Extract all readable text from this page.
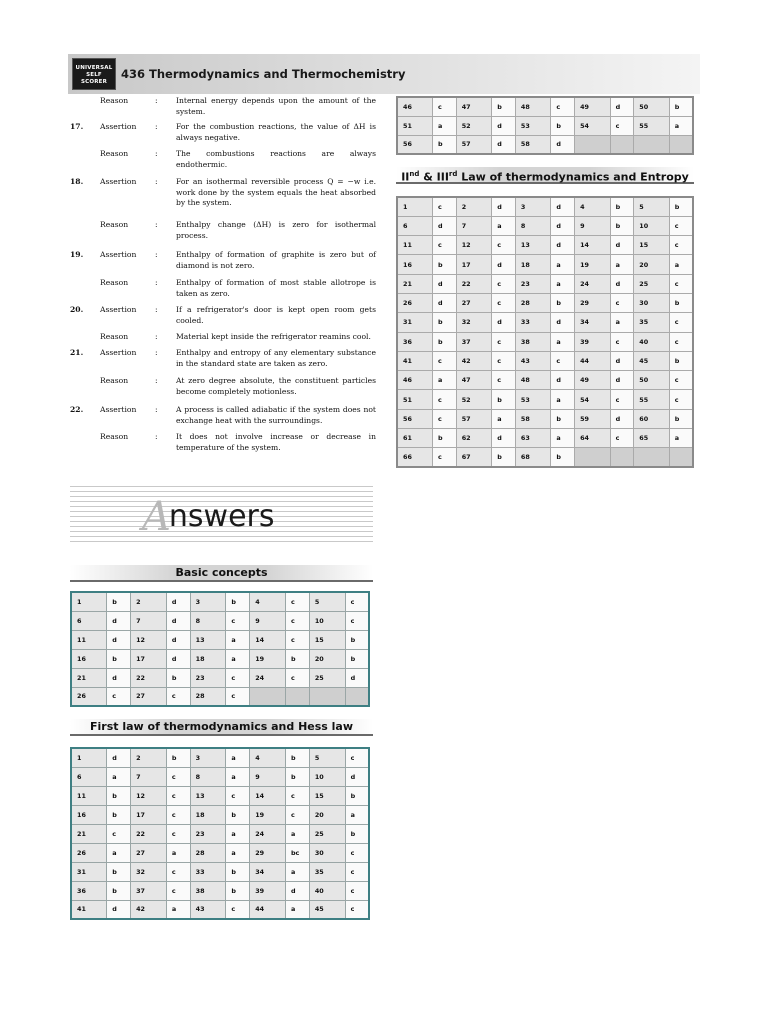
UNIVERSAL
SELF SCORER
436 Thermodynamics and Thermochemistry
Reason	: Internal energy depends upon the amount of the system.
17.	Assertion : For the combustion reactions, the value of ΔH is always negative.
Reason	: The combustions reactions are always endothermic.
18.	Assertion : For an isothermal reversible process Q = −w i.e. work done by the system equals the heat absorbed by the system.
Reason	: Enthalpy change (ΔH) is zero for isothermal process.
19.	Assertion : Enthalpy of formation of graphite is zero but of diamond is not zero.
Reason	: Enthalpy of formation of most stable allotrope is taken as zero.
20.	Assertion : If a refrigerator's door is kept open room gets cooled.
Reason	: Material kept inside the refrigerator reamins cool.
21.	Assertion : Enthalpy and entropy of any elementary substance in the standard state are taken as zero.
Reason	: At zero degree absolute, the constituent particles become completely motionless.
22.	Assertion : A process is called adiabatic if the system does not exchange heat with the surroundings.
Reason	: It does not involve increase or decrease in temperature of the system.
Answers
Basic concepts
First law of thermodynamics and Hess law
IInd & IIIrd Law of thermodynamics and Entropy
1	b	2	d	3	b	4	c	5	c
6	d	7	d	8	c	9	c	10	c
11	d	12	d	13	a	14	c	15	b
16	b	17	d	18	a	19	b	20	b
21	d	22	b	23	c	24	c	25	d
26	c	27	c	28	c				
1	d	2	b	3	a	4	b	5	c
6	a	7	c	8	a	9	b	10	d
11	b	12	c	13	c	14	c	15	b
16	b	17	c	18	b	19	c	20	a
21	c	22	c	23	a	24	a	25	b
26	a	27	a	28	a	29	bc	30	c
31	b	32	c	33	b	34	a	35	c
36	b	37	c	38	b	39	d	40	c
41	d	42	a	43	c	44	a	45	c
46	c	47	b	48	c	49	d	50	b
51	a	52	d	53	b	54	c	55	a
56	b	57	d	58	d				
1	c	2	d	3	d	4	b	5	b
6	d	7	a	8	d	9	b	10	c
11	c	12	c	13	d	14	d	15	c
16	b	17	d	18	a	19	a	20	a
21	d	22	c	23	a	24	d	25	c
26	d	27	c	28	b	29	c	30	b
31	b	32	d	33	d	34	a	35	c
36	b	37	c	38	a	39	c	40	c
41	c	42	c	43	c	44	d	45	b
46	a	47	c	48	d	49	d	50	c
51	c	52	b	53	a	54	c	55	c
56	c	57	a	58	b	59	d	60	b
61	b	62	d	63	a	64	c	65	a
66	c	67	b	68	b				
